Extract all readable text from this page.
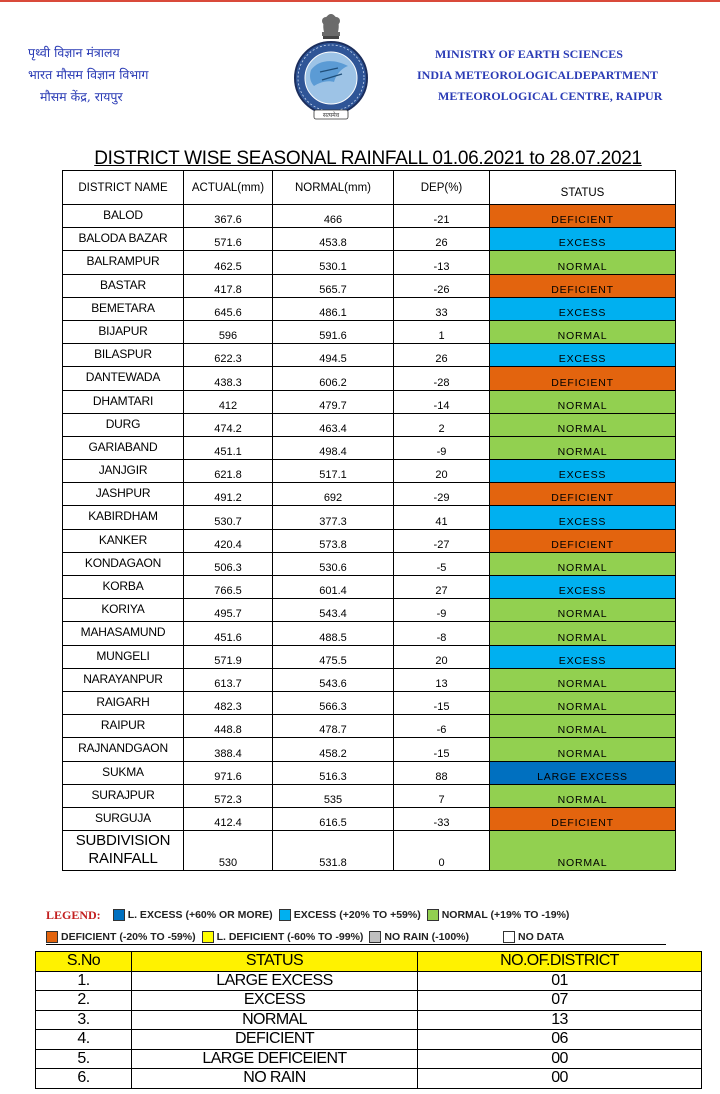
पृथ्वी विज्ञान मंत्रालय
भारत मौसम विज्ञान विभाग
मौसम केंद्र, रायपुर
सत्यमेव
MINISTRY OF EARTH SCIENCES
INDIA METEOROLOGICALDEPARTMENT
METEOROLOGICAL CENTRE, RAIPUR
DISTRICT WISE SEASONAL RAINFALL 01.06.2021 to 28.07.2021
DISTRICT NAME	ACTUAL(mm)	NORMAL(mm)	DEP(%)	STATUS
BALOD	367.6	466	-21	DEFICIENT
BALODA BAZAR	571.6	453.8	26	EXCESS
BALRAMPUR	462.5	530.1	-13	NORMAL
BASTAR	417.8	565.7	-26	DEFICIENT
BEMETARA	645.6	486.1	33	EXCESS
BIJAPUR	596	591.6	1	NORMAL
BILASPUR	622.3	494.5	26	EXCESS
DANTEWADA	438.3	606.2	-28	DEFICIENT
DHAMTARI	412	479.7	-14	NORMAL
DURG	474.2	463.4	2	NORMAL
GARIABAND	451.1	498.4	-9	NORMAL
JANJGIR	621.8	517.1	20	EXCESS
JASHPUR	491.2	692	-29	DEFICIENT
KABIRDHAM	530.7	377.3	41	EXCESS
KANKER	420.4	573.8	-27	DEFICIENT
KONDAGAON	506.3	530.6	-5	NORMAL
KORBA	766.5	601.4	27	EXCESS
KORIYA	495.7	543.4	-9	NORMAL
MAHASAMUND	451.6	488.5	-8	NORMAL
MUNGELI	571.9	475.5	20	EXCESS
NARAYANPUR	613.7	543.6	13	NORMAL
RAIGARH	482.3	566.3	-15	NORMAL
RAIPUR	448.8	478.7	-6	NORMAL
RAJNANDGAON	388.4	458.2	-15	NORMAL
SUKMA	971.6	516.3	88	LARGE EXCESS
SURAJPUR	572.3	535	7	NORMAL
SURGUJA	412.4	616.5	-33	DEFICIENT
SUBDIVISION RAINFALL	530	531.8	0	NORMAL
LEGEND:	L. EXCESS (+60% OR MORE) EXCESS (+20% TO +59%) NORMAL (+19% TO -19%)
DEFICIENT (-20% TO -59%) L. DEFICIENT (-60% TO -99%) NO RAIN (-100%)	NO DATA
S.No	STATUS	NO.OF.DISTRICT
1.	LARGE EXCESS	01
2.	EXCESS	07
3.	NORMAL	13
4.	DEFICIENT	06
5.	LARGE DEFICEIENT	00
6.	NO RAIN	00
